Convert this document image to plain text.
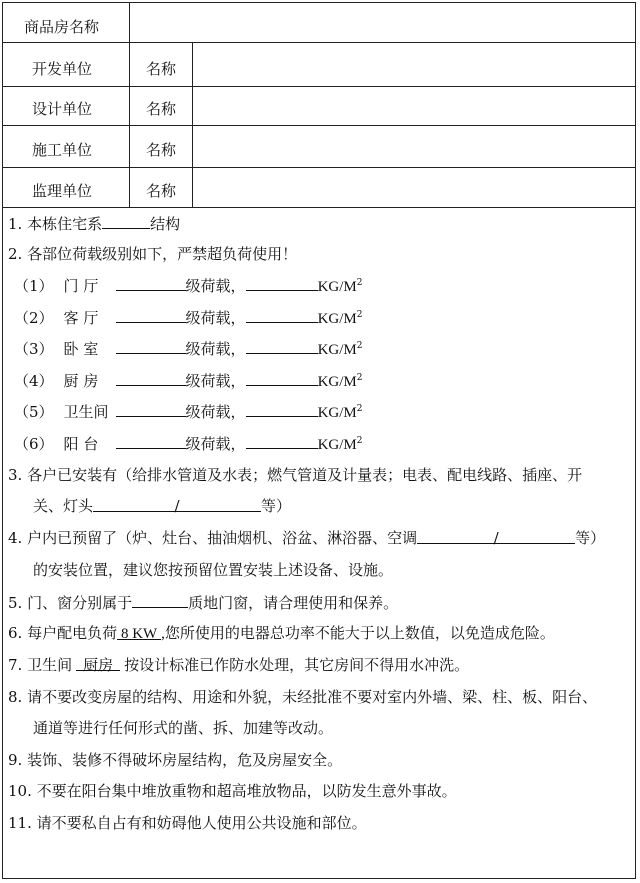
商品房名称
开发单位	名称
设计单位	名称
施工单位	名称
监理单位	名称
1. 本栋住宅系	结构
2. 各部位荷载级别如下，严禁超负荷使用！
（1） 门 厅	级荷载，	$KG/M^2$
（2） 客 厅	级荷载，	$KG/M^2$
（3） 卧 室	级荷载，	$KG/M^2$
（4） 厨 房	级荷载，	$KG/M^2$
（5） 卫生间	级荷载，	$KG/M^2$
（6） 阳 台	级荷载，	$KG/M^2$
3. 各户已安装有（给排水管道及水表；燃气管道及计量表；电表、配电线路、插座、开
关、灯头	/	等）
4. 户内已预留了（炉、灶台、抽油烟机、浴盆、淋浴器、空调	/	等）
的安装位置，建议您按预留位置安装上述设备、设施。
5. 门、窗分别属于	质地门窗，请合理使用和保养。
6. 每户配电负荷 8 KW ,您所使用的电器总功率不能大于以上数值，以免造成危险。
7. 卫生间 厨房 按设计标准已作防水处理，其它房间不得用水冲洗。
8. 请不要改变房屋的结构、用途和外貌，未经批准不要对室内外墙、梁、柱、板、阳台、
通道等进行任何形式的凿、拆、加建等改动。
9. 装饰、装修不得破坏房屋结构，危及房屋安全。
10. 不要在阳台集中堆放重物和超高堆放物品，以防发生意外事故。
11. 请不要私自占有和妨碍他人使用公共设施和部位。
